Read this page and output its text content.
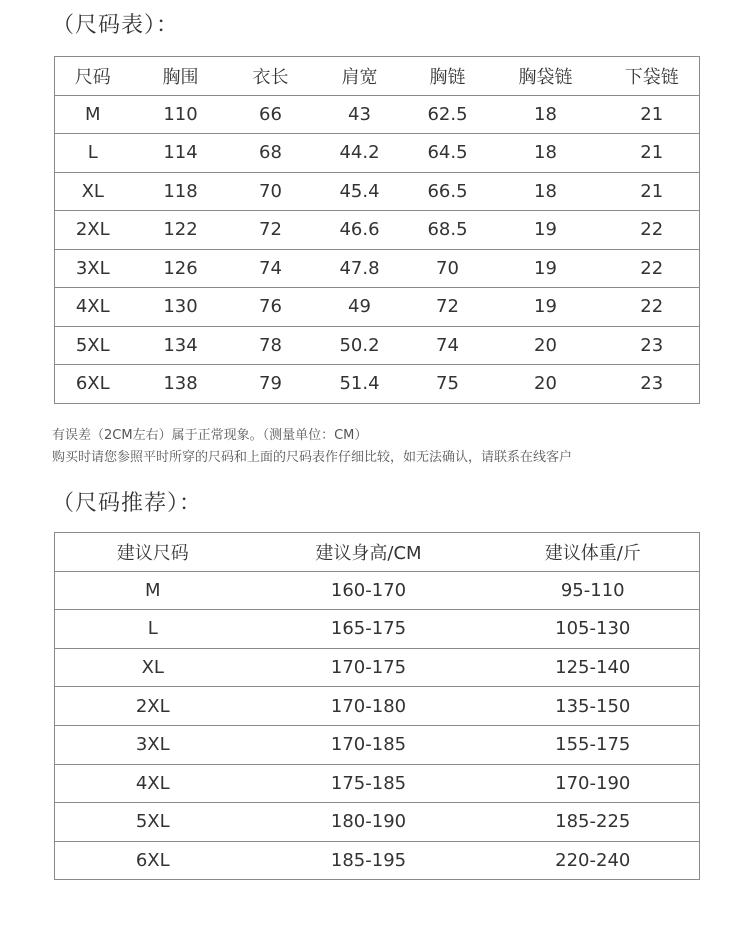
（尺码表）：
尺码	胸围	衣长	肩宽	胸链	胸袋链	下袋链
M	110	66	43	62.5	18	21
L	114	68	44.2	64.5	18	21
XL	118	70	45.4	66.5	18	21
2XL	122	72	46.6	68.5	19	22
3XL	126	74	47.8	70	19	22
4XL	130	76	49	72	19	22
5XL	134	78	50.2	74	20	23
6XL	138	79	51.4	75	20	23
有误差（2CM左右）属于正常现象。（测量单位：CM）
购买时请您参照平时所穿的尺码和上面的尺码表作仔细比较，如无法确认，请联系在线客户
（尺码推荐）：
建议尺码	建议身高/CM	建议体重/斤
M	160-170	95-110
L	165-175	105-130
XL	170-175	125-140
2XL	170-180	135-150
3XL	170-185	155-175
4XL	175-185	170-190
5XL	180-190	185-225
6XL	185-195	220-240
